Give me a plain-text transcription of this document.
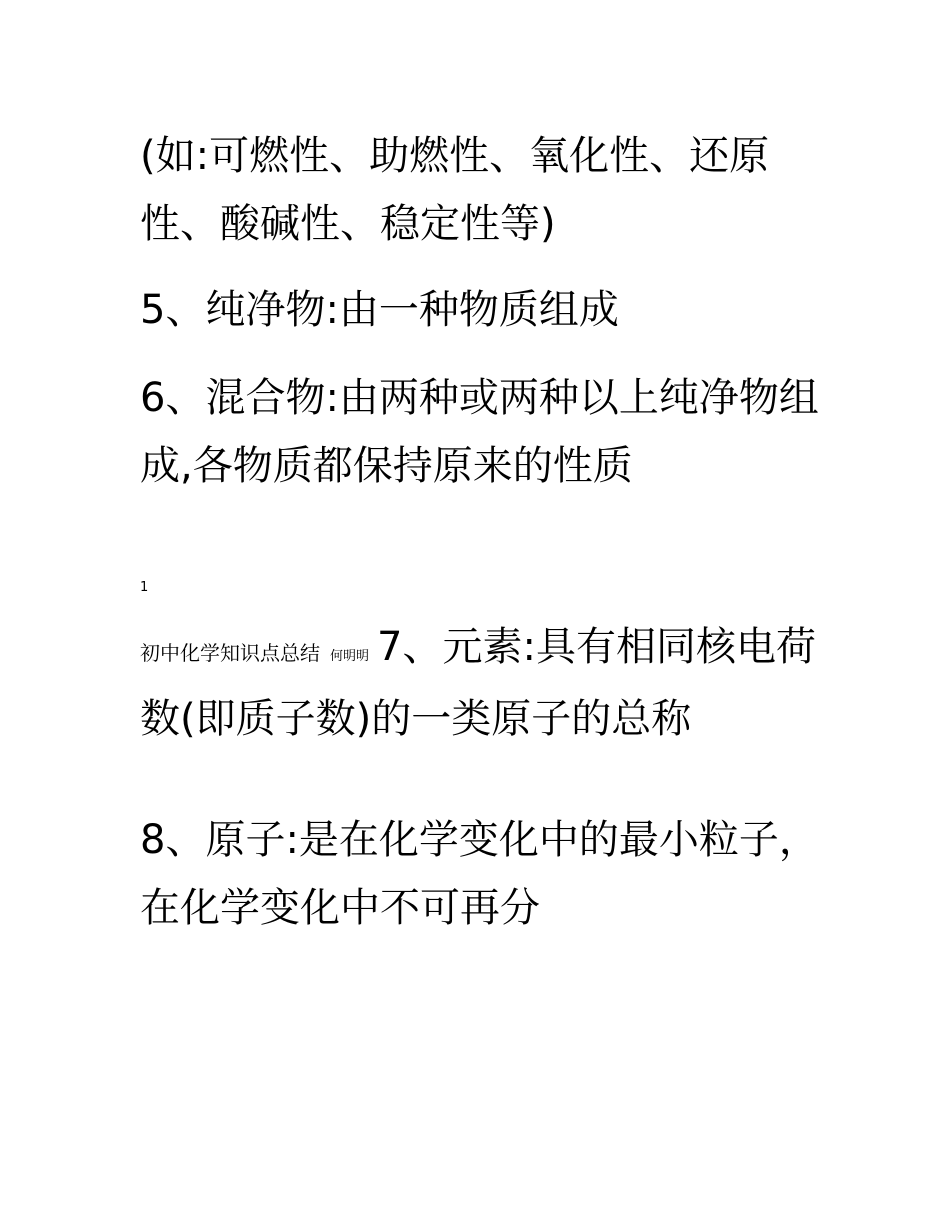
(如:可燃性、助燃性、氧化性、还原性、酸碱性、稳定性等)

5、纯净物:由一种物质组成

6、混合物:由两种或两种以上纯净物组成,各物质都保持原来的性质

1

初中化学知识点总结 何明明 7、元素:具有相同核电荷数(即质子数)的一类原子的总称

8、原子:是在化学变化中的最小粒子，在化学变化中不可再分
